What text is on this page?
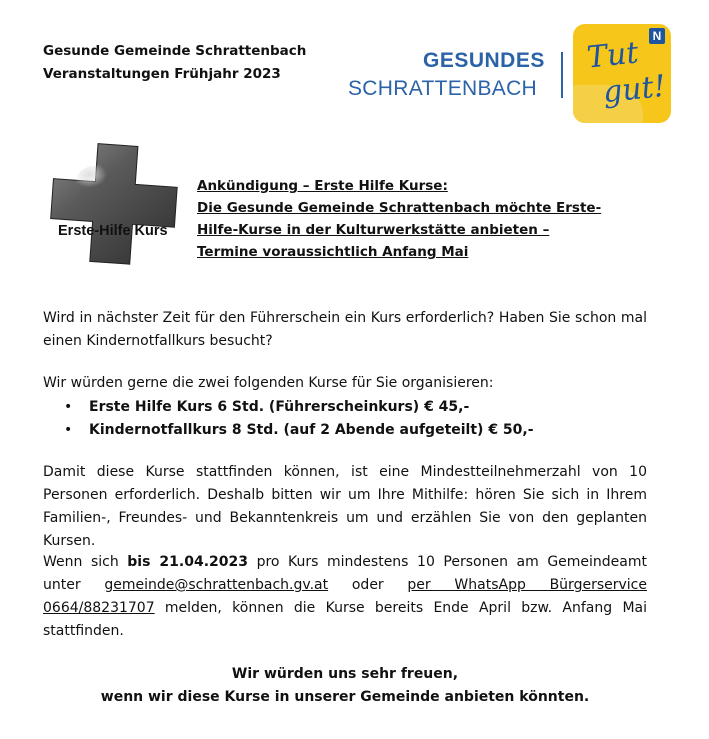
Gesunde Gemeinde Schrattenbach
Veranstaltungen Frühjahr 2023
GESUNDES
SCHRATTENBACH
N
Tut
gut!
Erste-Hilfe Kurs
Ankündigung – Erste Hilfe Kurse:
Die Gesunde Gemeinde Schrattenbach möchte Erste-
Hilfe-Kurse in der Kulturwerkstätte anbieten –
Termine voraussichtlich Anfang Mai
Wird in nächster Zeit für den Führerschein ein Kurs erforderlich? Haben Sie schon mal einen Kindernotfallkurs besucht?
Wir würden gerne die zwei folgenden Kurse für Sie organisieren:
• Erste Hilfe Kurs 6 Std. (Führerscheinkurs) € 45,-
• Kindernotfallkurs 8 Std. (auf 2 Abende aufgeteilt) € 50,-
Damit diese Kurse stattfinden können, ist eine Mindestteilnehmerzahl von 10 Personen erforderlich. Deshalb bitten wir um Ihre Mithilfe: hören Sie sich in Ihrem Familien-, Freundes- und Bekanntenkreis um und erzählen Sie von den geplanten Kursen.
Wenn sich bis 21.04.2023 pro Kurs mindestens 10 Personen am Gemeindeamt unter gemeinde@schrattenbach.gv.at oder per WhatsApp Bürgerservice 0664/88231707 melden, können die Kurse bereits Ende April bzw. Anfang Mai stattfinden.
Wir würden uns sehr freuen,
wenn wir diese Kurse in unserer Gemeinde anbieten könnten.
